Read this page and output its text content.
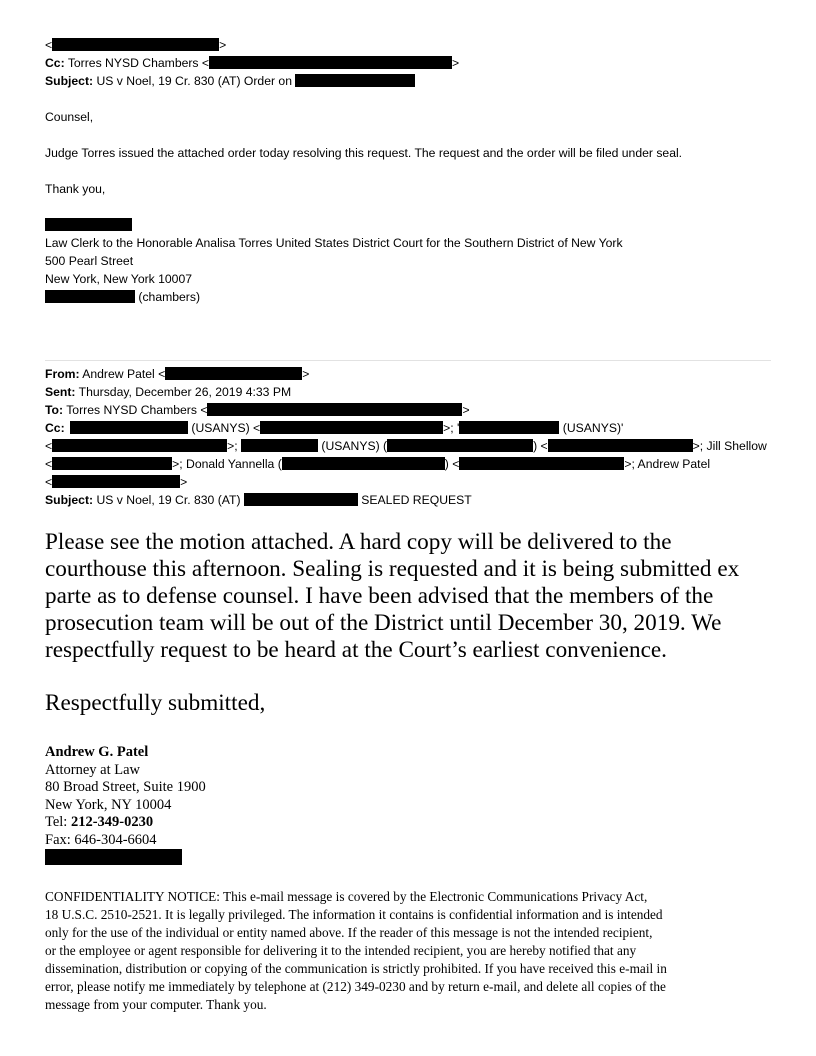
<	>
Cc: Torres NYSD Chambers <	>
Subject: US v Noel, 19 Cr. 830 (AT) Order on
Counsel,
Judge Torres issued the attached order today resolving this request. The request and the order will be filed under seal.
Thank you,
Law Clerk to the Honorable Analisa Torres United States District Court for the Southern District of New York
500 Pearl Street
New York, New York 10007
(chambers)
From: Andrew Patel <	>
Sent: Thursday, December 26, 2019 4:33 PM
To: Torres NYSD Chambers <	>
Cc:	(USANYS) <	>; '	(USANYS)'
<	>;	(USANYS) (	) <	>; Jill Shellow
<	>; Donald Yannella (	) <	>; Andrew Patel
<	>
Subject: US v Noel, 19 Cr. 830 (AT)	SEALED REQUEST
Please see the motion attached. A hard copy will be delivered to the
courthouse this afternoon. Sealing is requested and it is being submitted ex
parte as to defense counsel. I have been advised that the members of the
prosecution team will be out of the District until December 30, 2019. We
respectfully request to be heard at the Court’s earliest convenience.
Respectfully submitted,
Andrew G. Patel
Attorney at Law
80 Broad Street, Suite 1900
New York, NY 10004
Tel: 212-349-0230
Fax: 646-304-6604
CONFIDENTIALITY NOTICE: This e-mail message is covered by the Electronic Communications Privacy Act,
18 U.S.C. 2510-2521. It is legally privileged. The information it contains is confidential information and is intended
only for the use of the individual or entity named above. If the reader of this message is not the intended recipient,
or the employee or agent responsible for delivering it to the intended recipient, you are hereby notified that any
dissemination, distribution or copying of the communication is strictly prohibited. If you have received this e-mail in
error, please notify me immediately by telephone at (212) 349-0230 and by return e-mail, and delete all copies of the
message from your computer. Thank you.
